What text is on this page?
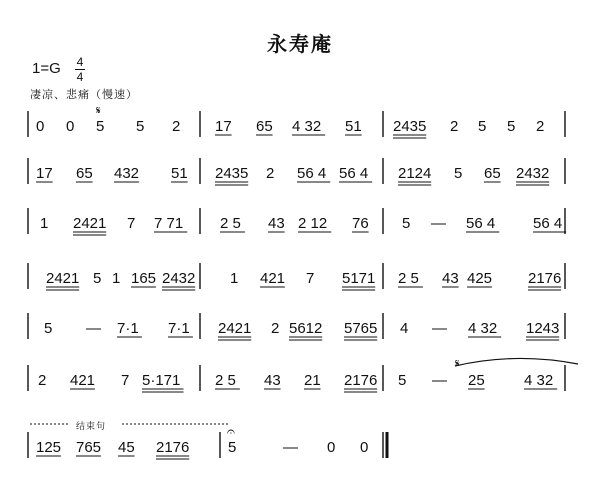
永寿庵
1=G 4
4
凄凉、悲痛（慢速）
结束句
0 0 5 5 2 17 65 4 32 51 2435 2 5 5 2
17 65 432 51 2435 2 56 4 56 4 2124 5 65 2432
1 2421 7 7 71 2 5 43 2 12 76 5 — 56 4	56 4
2421 5 1 165 2432 1 421 7 5171 2 5 43 425 2176
5 — 7·1 7·1 2421 2 5612 5765 4 — 4 32 1243
2 421 7 5·171 2 5 43 21 2176 5 — 25	4 32
125 765 45 2176	5	— 0 0
𝄋
𝄋
𝄐
